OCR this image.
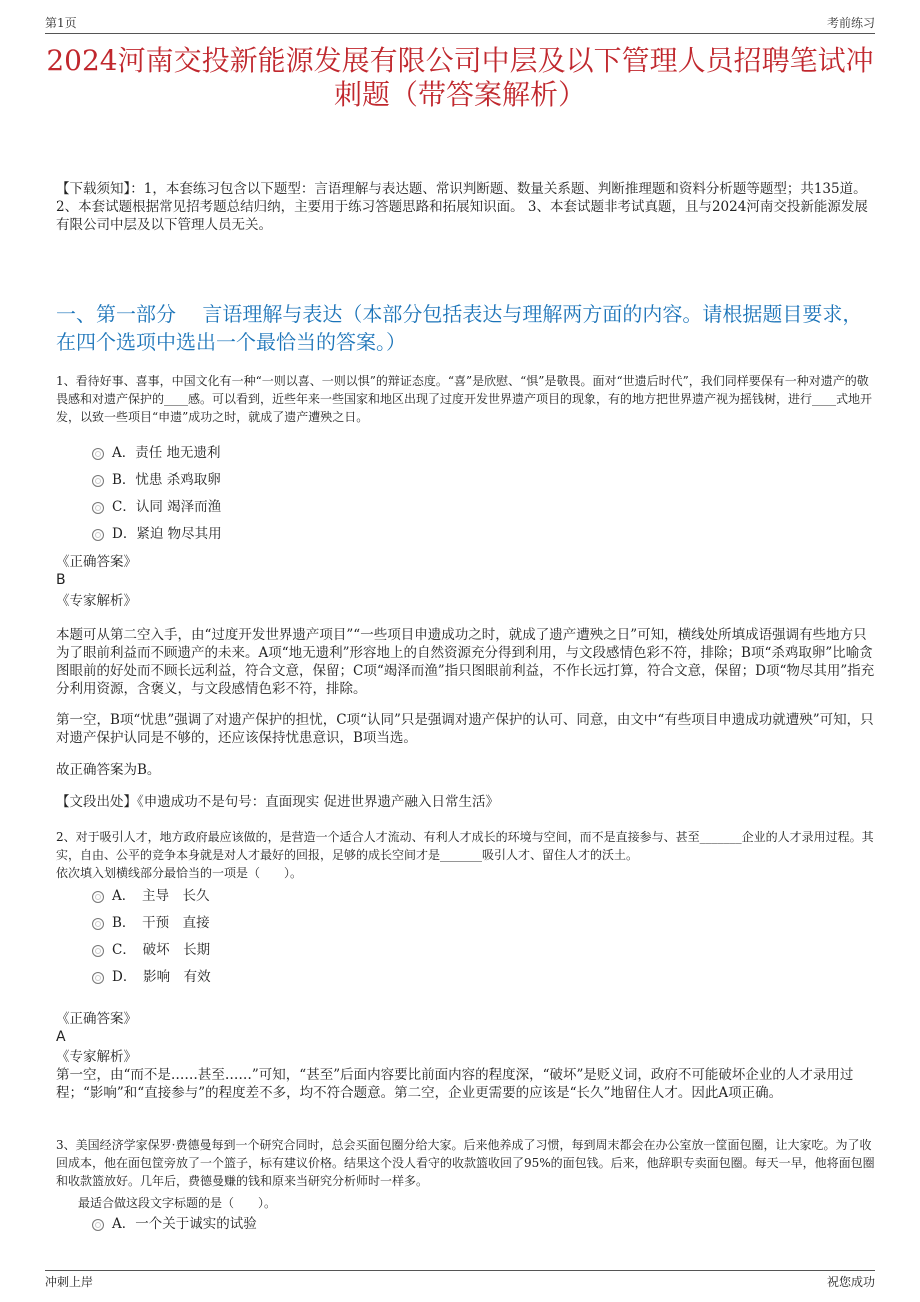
第1页	考前练习
2024河南交投新能源发展有限公司中层及以下管理人员招聘笔试冲刺题（带答案解析）
【下载须知】：1，本套练习包含以下题型：言语理解与表达题、常识判断题、数量关系题、判断推理题和资料分析题等题型；共135道。 2、本套试题根据常见招考题总结归纳，主要用于练习答题思路和拓展知识面。 3、本套试题非考试真题，且与2024河南交投新能源发展有限公司中层及以下管理人员无关。
一、第一部分　 言语理解与表达（本部分包括表达与理解两方面的内容。请根据题目要求，在四个选项中选出一个最恰当的答案。）
1、看待好事、喜事，中国文化有一种“一则以喜、一则以惧”的辩证态度。“喜”是欣慰、“惧”是敬畏。面对“世遗后时代”，我们同样要保有一种对遗产的敬畏感和对遗产保护的____感。可以看到，近些年来一些国家和地区出现了过度开发世界遗产项目的现象，有的地方把世界遗产视为摇钱树，进行____式地开发，以致一些项目“申遗”成功之时，就成了遗产遭殃之日。
A．责任 地无遗利
B．忧患 杀鸡取卵
C．认同 竭泽而渔
D．紧迫 物尽其用
《正确答案》
B
《专家解析》
本题可从第二空入手，由“过度开发世界遗产项目”“一些项目申遗成功之时，就成了遗产遭殃之日”可知，横线处所填成语强调有些地方只为了眼前利益而不顾遗产的未来。A项“地无遗利”形容地上的自然资源充分得到利用，与文段感情色彩不符，排除；B项“杀鸡取卵”比喻贪图眼前的好处而不顾长远利益，符合文意，保留；C项“竭泽而渔”指只图眼前利益，不作长远打算，符合文意，保留；D项“物尽其用”指充分利用资源，含褒义，与文段感情色彩不符，排除。
第一空，B项“忧患”强调了对遗产保护的担忧，C项“认同”只是强调对遗产保护的认可、同意，由文中“有些项目申遗成功就遭殃”可知，只对遗产保护认同是不够的，还应该保持忧患意识，B项当选。
故正确答案为B。
【文段出处】《申遗成功不是句号：直面现实 促进世界遗产融入日常生活》
2、对于吸引人才，地方政府最应该做的，是营造一个适合人才流动、有利人才成长的环境与空间，而不是直接参与、甚至_______企业的人才录用过程。其实，自由、公平的竞争本身就是对人才最好的回报，足够的成长空间才是_______吸引人才、留住人才的沃土。
依次填入划横线部分最恰当的一项是（　　）。
A．　主导　长久
B．　干预　直接
C．　破坏　长期
D．　影响　有效
《正确答案》
A
《专家解析》
第一空，由“而不是……甚至……”可知，“甚至”后面内容要比前面内容的程度深，“破坏”是贬义词，政府不可能破坏企业的人才录用过程；“影响”和“直接参与”的程度差不多，均不符合题意。第二空，企业更需要的应该是“长久”地留住人才。因此A项正确。
3、美国经济学家保罗·费德曼每到一个研究合同时，总会买面包圈分给大家。后来他养成了习惯，每到周末都会在办公室放一筐面包圈，让大家吃。为了收回成本，他在面包筐旁放了一个篮子，标有建议价格。结果这个没人看守的收款篮收回了95%的面包钱。后来，他辞职专卖面包圈。每天一早，他将面包圈和收款篮放好。几年后，费德曼赚的钱和原来当研究分析师时一样多。
最适合做这段文字标题的是（　　）。
A．一个关于诚实的试验
冲刺上岸	祝您成功
